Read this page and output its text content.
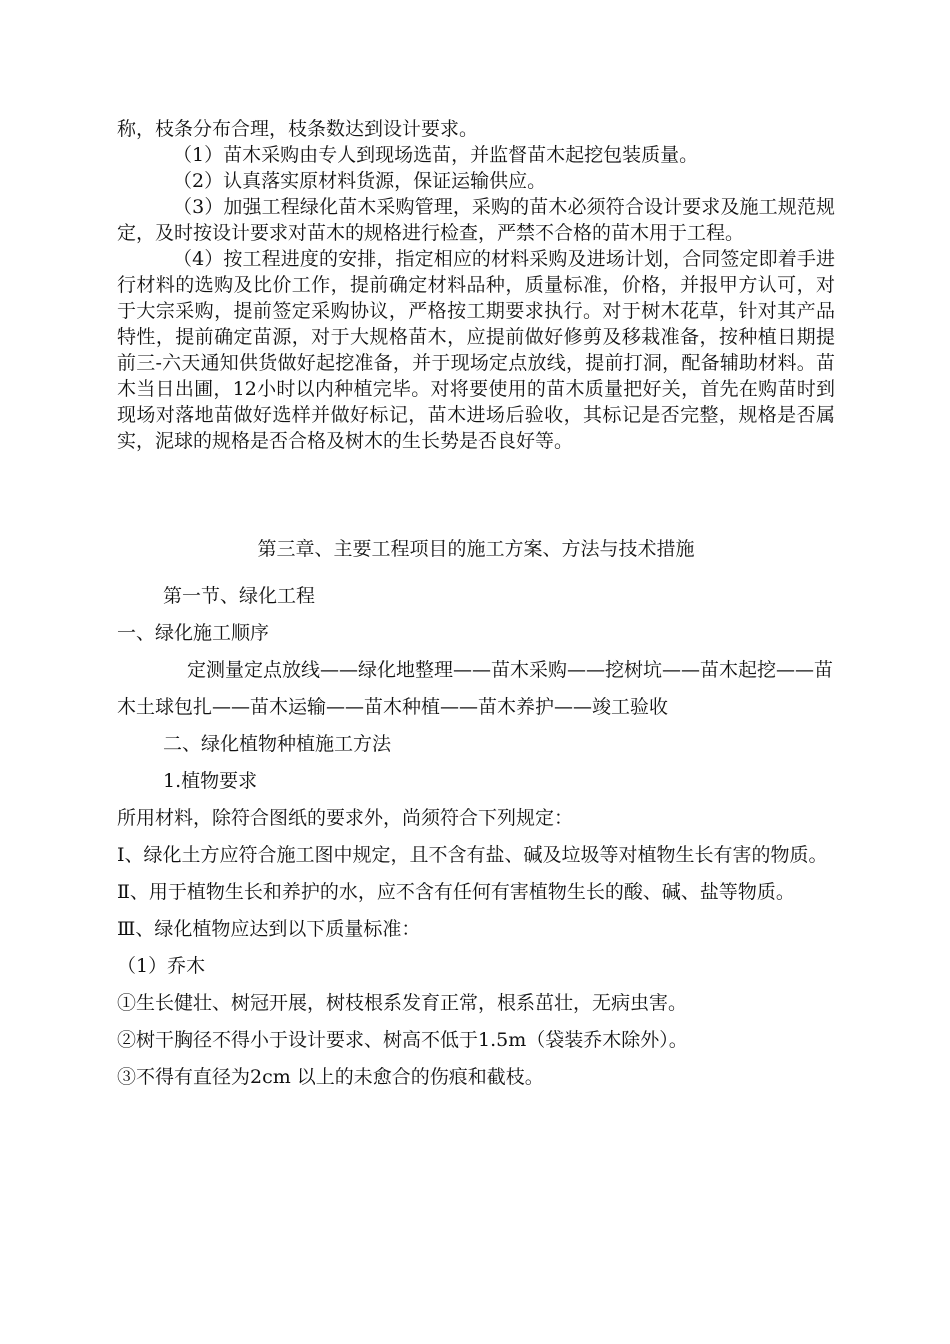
称，枝条分布合理，枝条数达到设计要求。

（1）苗木采购由专人到现场选苗，并监督苗木起挖包装质量。

（2）认真落实原材料货源，保证运输供应。

（3）加强工程绿化苗木采购管理，采购的苗木必须符合设计要求及施工规范规定，及时按设计要求对苗木的规格进行检查，严禁不合格的苗木用于工程。

（4）按工程进度的安排，指定相应的材料采购及进场计划，合同签定即着手进行材料的选购及比价工作，提前确定材料品种，质量标准，价格，并报甲方认可，对于大宗采购，提前签定采购协议，严格按工期要求执行。对于树木花草，针对其产品特性，提前确定苗源，对于大规格苗木，应提前做好修剪及移栽准备，按种植日期提前三-六天通知供货做好起挖准备，并于现场定点放线，提前打洞，配备辅助材料。苗木当日出圃，12小时以内种植完毕。对将要使用的苗木质量把好关，首先在购苗时到现场对落地苗做好选样并做好标记，苗木进场后验收，其标记是否完整，规格是否属实，泥球的规格是否合格及树木的生长势是否良好等。

第三章、主要工程项目的施工方案、方法与技术措施

第一节、绿化工程

一、绿化施工顺序

定测量定点放线——绿化地整理——苗木采购——挖树坑——苗木起挖——苗木土球包扎——苗木运输——苗木种植——苗木养护——竣工验收

二、绿化植物种植施工方法

1.植物要求

所用材料，除符合图纸的要求外，尚须符合下列规定：

Ⅰ、绿化土方应符合施工图中规定，且不含有盐、碱及垃圾等对植物生长有害的物质。

Ⅱ、用于植物生长和养护的水，应不含有任何有害植物生长的酸、碱、盐等物质。

Ⅲ、绿化植物应达到以下质量标准：

（1）乔木

①生长健壮、树冠开展，树枝根系发育正常，根系茁壮，无病虫害。

②树干胸径不得小于设计要求、树高不低于1.5m（袋装乔木除外）。

③不得有直径为2cm 以上的未愈合的伤痕和截枝。
